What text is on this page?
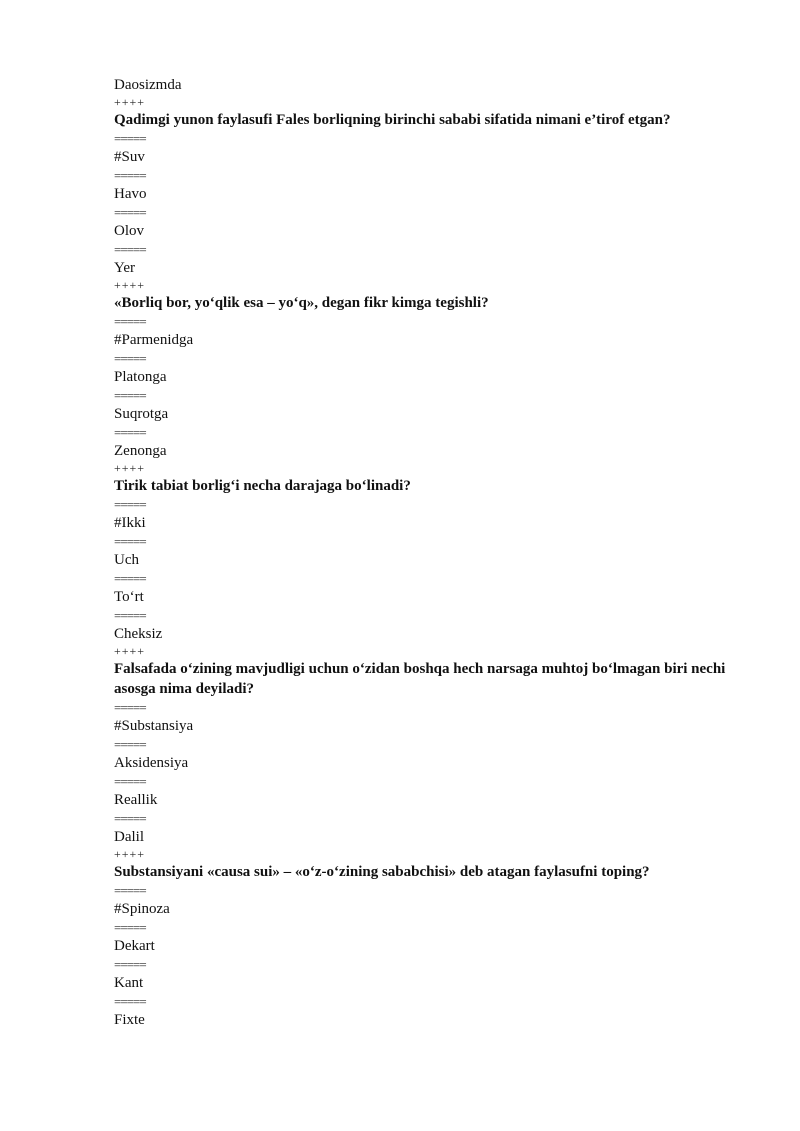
Daosizmda
++++
Qadimgi yunon faylasufi Fales borliqning birinchi sababi sifatida nimani e’tirof etgan?
=====
#Suv
=====
Havo
=====
Olov
=====
Yer
++++
«Borliq bor, yo‘qlik esa – yo‘q», degan fikr kimga tegishli?
=====
#Parmenidga
=====
Platonga
=====
Suqrotga
=====
Zenonga
++++
Tirik tabiat borlig‘i necha darajaga bo‘linadi?
=====
#Ikki
=====
Uch
=====
To‘rt
=====
Cheksiz
++++
Falsafada o‘zining mavjudligi uchun o‘zidan boshqa hech narsaga muhtoj bo‘lmagan biri nechi asosga nima deyiladi?
=====
#Substansiya
=====
Aksidensiya
=====
Reallik
=====
Dalil
++++
Substansiyani «causa sui» – «o‘z-o‘zining sababchisi» deb atagan faylasufni toping?
=====
#Spinoza
=====
Dekart
=====
Kant
=====
Fixte
